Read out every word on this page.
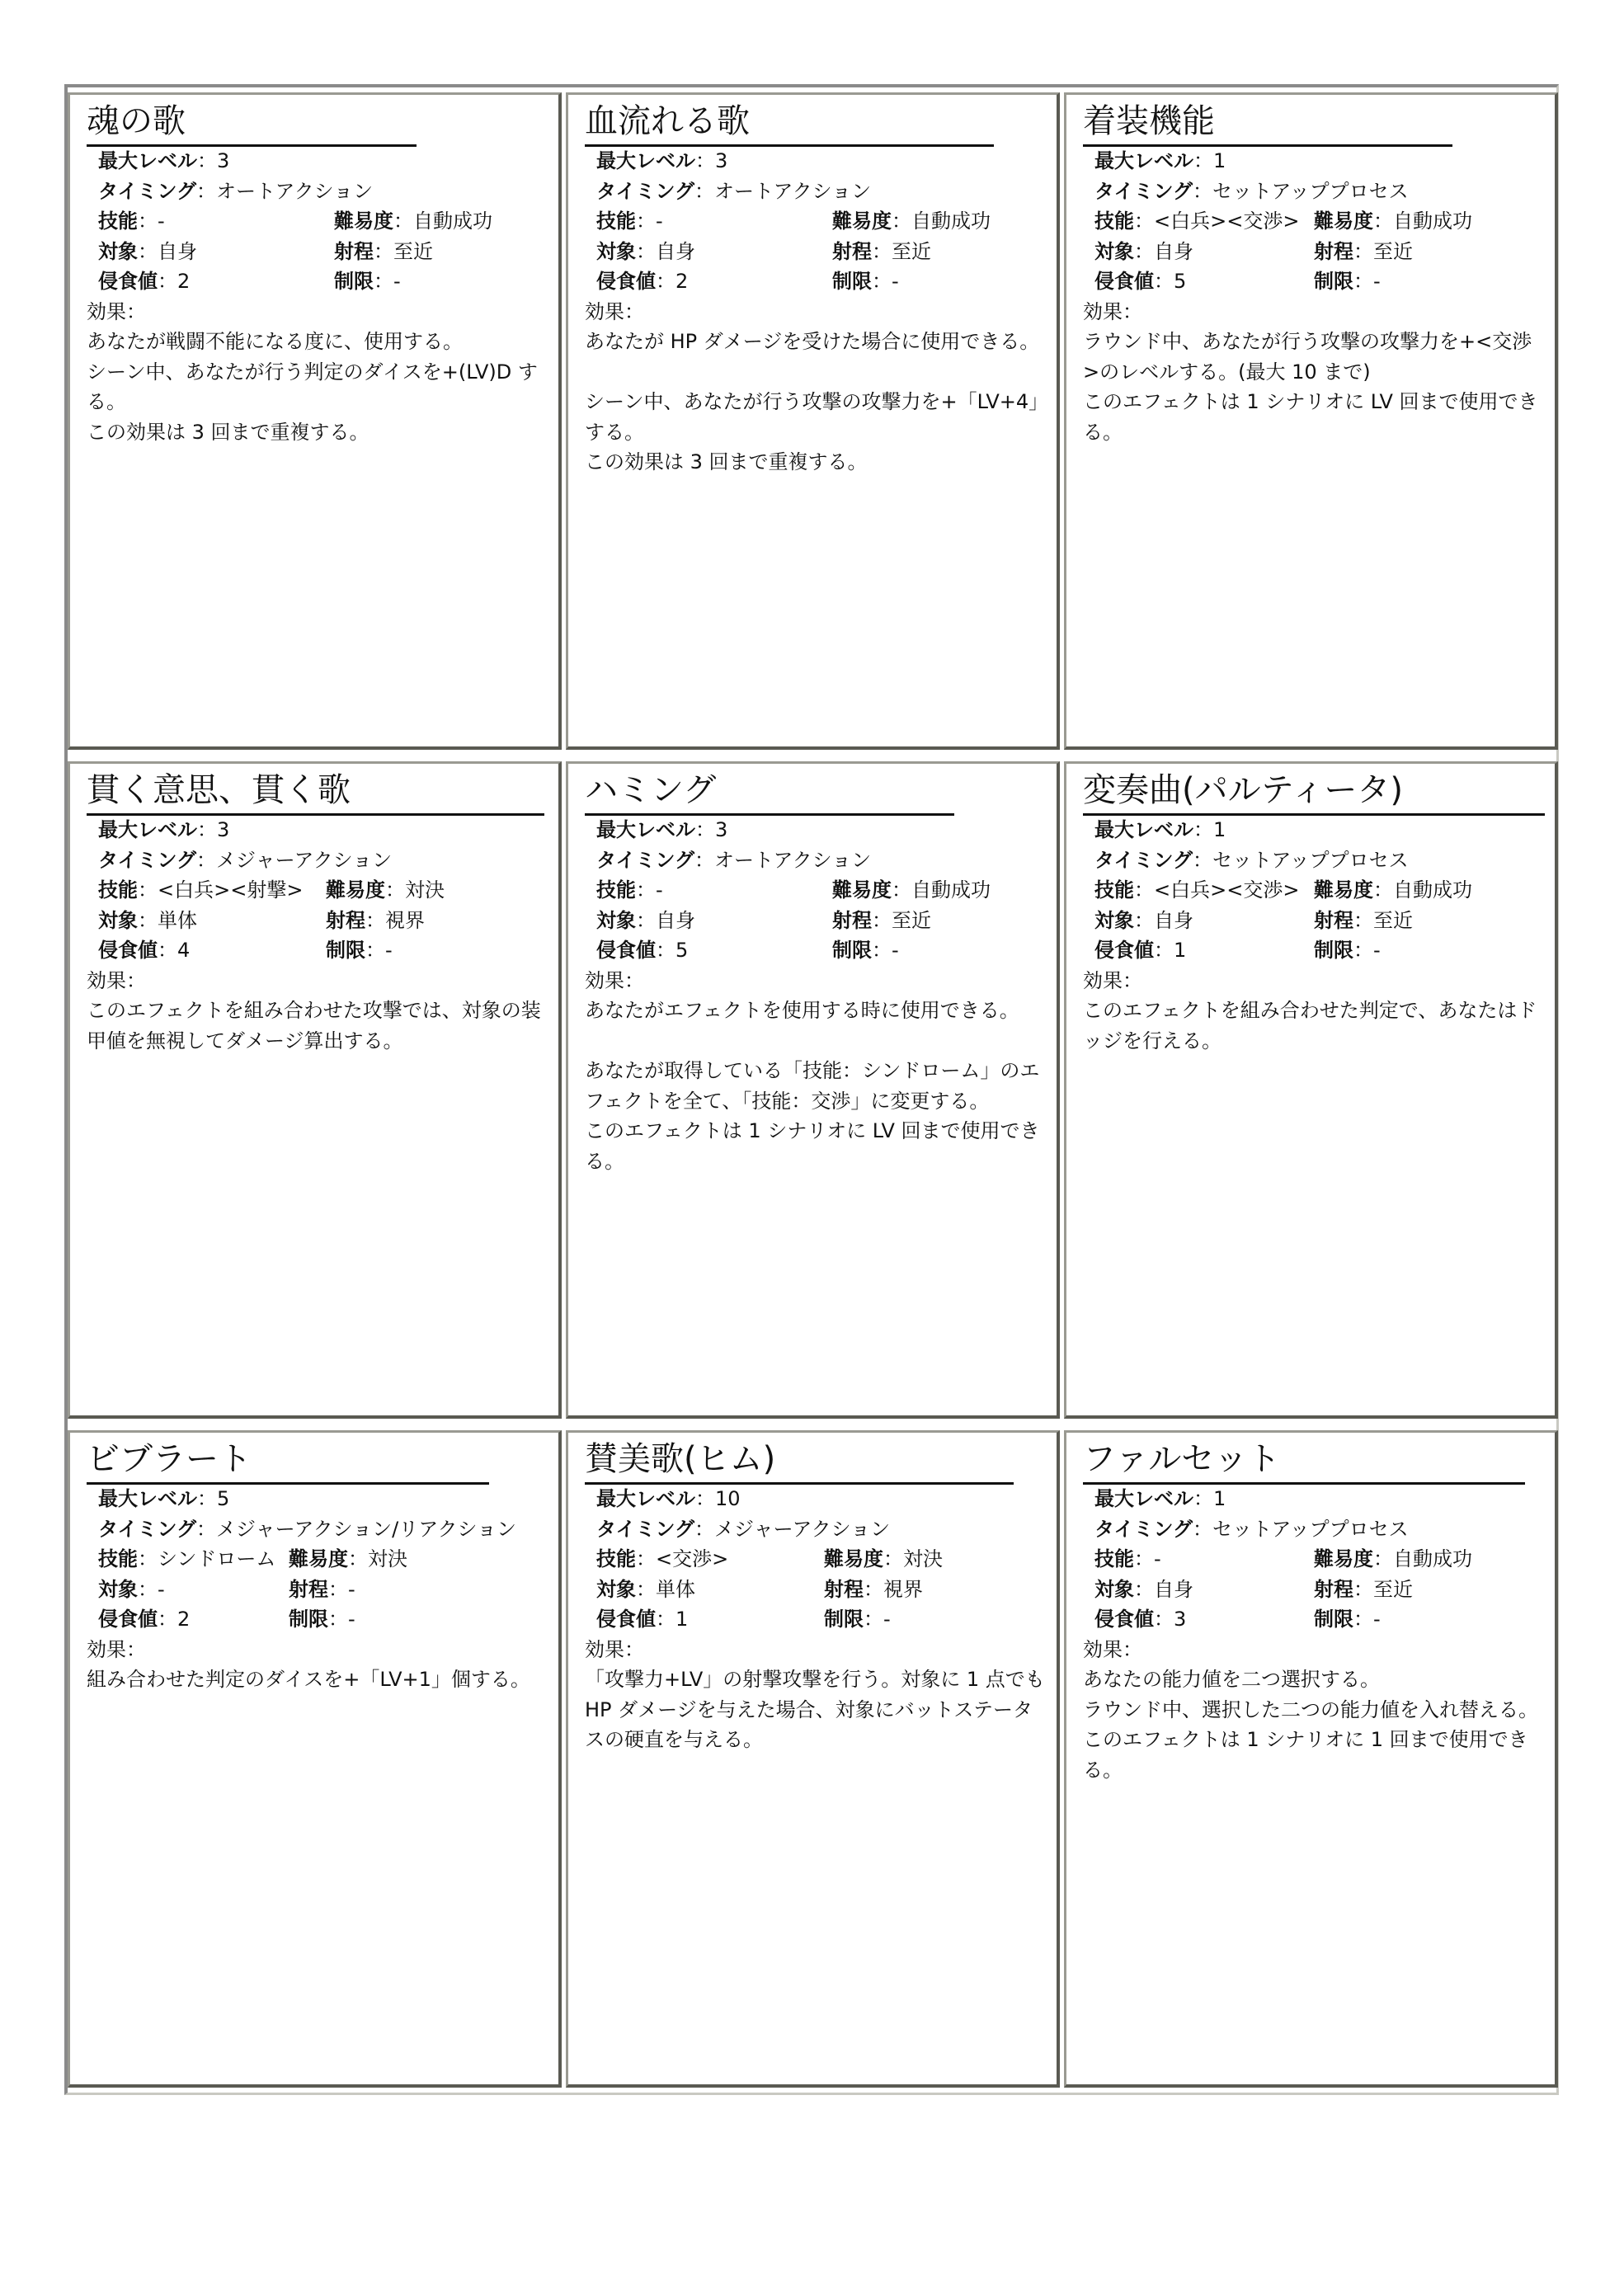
魂の歌
最大レベル：3
タイミング：オートアクション
技能：-	難易度：自動成功
対象：自身	射程：至近
侵食値：2	制限：-
効果：
あなたが戦闘不能になる度に、使用する。
シーン中、あなたが行う判定のダイスを+(LV)D する。
この効果は 3 回まで重複する。
血流れる歌
最大レベル：3
タイミング：オートアクション
技能：-	難易度：自動成功
対象：自身	射程：至近
侵食値：2	制限：-
効果：
あなたが HP ダメージを受けた場合に使用できる。
シーン中、あなたが行う攻撃の攻撃力を+「LV+4」する。
この効果は 3 回まで重複する。
着装機能
最大レベル：1
タイミング：セットアッププロセス
技能：<白兵><交渉> 難易度：自動成功
対象：自身	射程：至近
侵食値：5	制限：-
効果：
ラウンド中、あなたが行う攻撃の攻撃力を+<交渉>のレベルする。(最大 10 まで)
このエフェクトは 1 シナリオに LV 回まで使用できる。
貫く意思、貫く歌
最大レベル：3
タイミング：メジャーアクション
技能：<白兵><射撃> 難易度：対決
対象：単体	射程：視界
侵食値：4	制限：-
効果：
このエフェクトを組み合わせた攻撃では、対象の装甲値を無視してダメージ算出する。
ハミング
最大レベル：3
タイミング：オートアクション
技能：-	難易度：自動成功
対象：自身	射程：至近
侵食値：5	制限：-
効果：
あなたがエフェクトを使用する時に使用できる。
あなたが取得している「技能：シンドローム」のエフェクトを全て、「技能：交渉」に変更する。
このエフェクトは 1 シナリオに LV 回まで使用できる。
変奏曲(パルティータ)
最大レベル：1
タイミング：セットアッププロセス
技能：<白兵><交渉> 難易度：自動成功
対象：自身	射程：至近
侵食値：1	制限：-
効果：
このエフェクトを組み合わせた判定で、あなたはドッジを行える。
ビブラート
最大レベル：5
タイミング：メジャーアクション/リアクション
技能：シンドローム 難易度：対決
対象：-	射程：-
侵食値：2	制限：-
効果：
組み合わせた判定のダイスを+「LV+1」個する。
賛美歌(ヒム)
最大レベル：10
タイミング：メジャーアクション
技能：<交渉>	難易度：対決
対象：単体	射程：視界
侵食値：1	制限：-
効果：
「攻撃力+LV」の射撃攻撃を行う。対象に 1 点でも HP ダメージを与えた場合、対象にバットステータスの硬直を与える。
ファルセット
最大レベル：1
タイミング：セットアッププロセス
技能：-	難易度：自動成功
対象：自身	射程：至近
侵食値：3	制限：-
効果：
あなたの能力値を二つ選択する。
ラウンド中、選択した二つの能力値を入れ替える。
このエフェクトは 1 シナリオに 1 回まで使用できる。
